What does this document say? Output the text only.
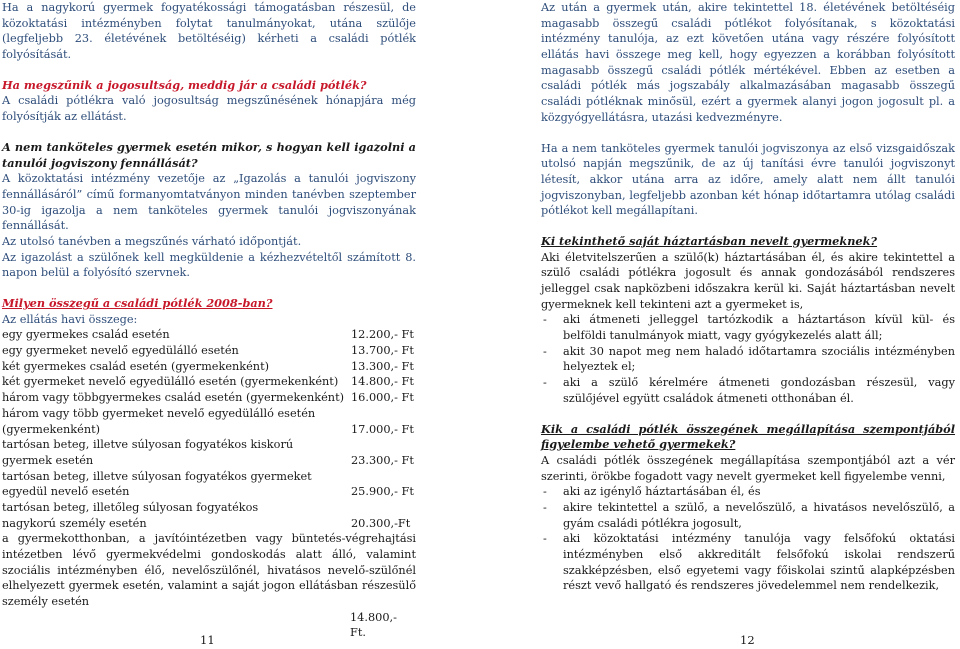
Ha a nagykorú gyermek fogyatékossági támogatásban részesül, de közoktatási intézményben folytat tanulmányokat, utána szülője (legfeljebb 23. életévének betöltéséig) kérheti a családi pótlék folyósítását.

Ha megszűnik a jogosultság, meddig jár a családi pótlék?

A családi pótlékra való jogosultság megszűnésének hónapjára még folyósítják az ellátást.

A nem tanköteles gyermek esetén mikor, s hogyan kell igazolni a tanulói jogviszony fennállását?

A közoktatási intézmény vezetője az „Igazolás a tanulói jogviszony fennállásáról” című formanyomtatványon minden tanévben szeptember 30-ig igazolja a nem tanköteles gyermek tanulói jogviszonyának fennállását.

Az utolsó tanévben a megszűnés várható időpontját.

Az igazolást a szülőnek kell megküldenie a kézhezvételtől számított 8. napon belül a folyósító szervnek.

Milyen összegű a családi pótlék 2008-ban?

Az ellátás havi összege:

egy gyermekes család esetén	12.200,- Ft
egy gyermeket nevelő egyedülálló esetén	13.700,- Ft
két gyermekes család esetén (gyermekenként)	13.300,- Ft
két gyermeket nevelő egyedülálló esetén (gyermekenként)	14.800,- Ft
három vagy többgyermekes család esetén (gyermekenként) 16.000,- Ft
három vagy több gyermeket nevelő egyedülálló esetén
(gyermekenként)	17.000,- Ft
tartósan beteg, illetve súlyosan fogyatékos kiskorú
gyermek esetén	23.300,- Ft
tartósan beteg, illetve súlyosan fogyatékos gyermeket
egyedül nevelő esetén	25.900,- Ft
tartósan beteg, illetőleg súlyosan fogyatékos
nagykorú személy esetén	20.300,-Ft

a gyermekotthonban, a javítóintézetben vagy büntetés-végrehajtási intézetben lévő gyermekvédelmi gondoskodás alatt álló, valamint szociális intézményben élő, nevelőszülőnél, hivatásos nevelő-szülőnél elhelyezett gyermek esetén, valamint a saját jogon ellátásban részesülő személy esetén

14.800,- Ft.
11

Az után a gyermek után, akire tekintettel 18. életévének betöltéséig magasabb összegű családi pótlékot folyósítanak, s közoktatási intézmény tanulója, az ezt követően utána vagy részére folyósított ellátás havi összege meg kell, hogy egyezzen a korábban folyósított magasabb összegű családi pótlék mértékével. Ebben az esetben a családi pótlék más jogszabály alkalmazásában magasabb összegű családi pótléknak minősül, ezért a gyermek alanyi jogon jogosult pl. a közgyógyellátásra, utazási kedvezményre.

Ha a nem tanköteles gyermek tanulói jogviszonya az első vizsgaidőszak utolsó napján megszűnik, de az új tanítási évre tanulói jogviszonyt létesít, akkor utána arra az időre, amely alatt nem állt tanulói jogviszonyban, legfeljebb azonban két hónap időtartamra utólag családi pótlékot kell megállapítani.

Ki tekinthető saját háztartásban nevelt gyermeknek?

Aki életvitelszerűen a szülő(k) háztartásában él, és akire tekintettel a szülő családi pótlékra jogosult és annak gondozásából rendszeres jelleggel csak napközbeni időszakra kerül ki. Saját háztartásban nevelt gyermeknek kell tekinteni azt a gyermeket is,

- aki átmeneti jelleggel tartózkodik a háztartáson kívül kül- és belföldi tanulmányok miatt, vagy gyógykezelés alatt áll;
- akit 30 napot meg nem haladó időtartamra szociális intézményben helyeztek el;
- aki a szülő kérelmére átmeneti gondozásban részesül, vagy szülőjével együtt családok átmeneti otthonában él.

Kik a családi pótlék összegének megállapítása szempontjából figyelembe vehető gyermekek?

A családi pótlék összegének megállapítása szempontjából azt a vér szerinti, örökbe fogadott vagy nevelt gyermeket kell figyelembe venni,

- aki az igénylő háztartásában él, és
- akire tekintettel a szülő, a nevelőszülő, a hivatásos nevelőszülő, a gyám családi pótlékra jogosult,
- aki közoktatási intézmény tanulója vagy felsőfokú oktatási intézményben első akkreditált felsőfokú iskolai rendszerű szakképzésben, első egyetemi vagy főiskolai szintű alapképzésben részt vevő hallgató és rendszeres jövedelemmel nem rendelkezik,
12
